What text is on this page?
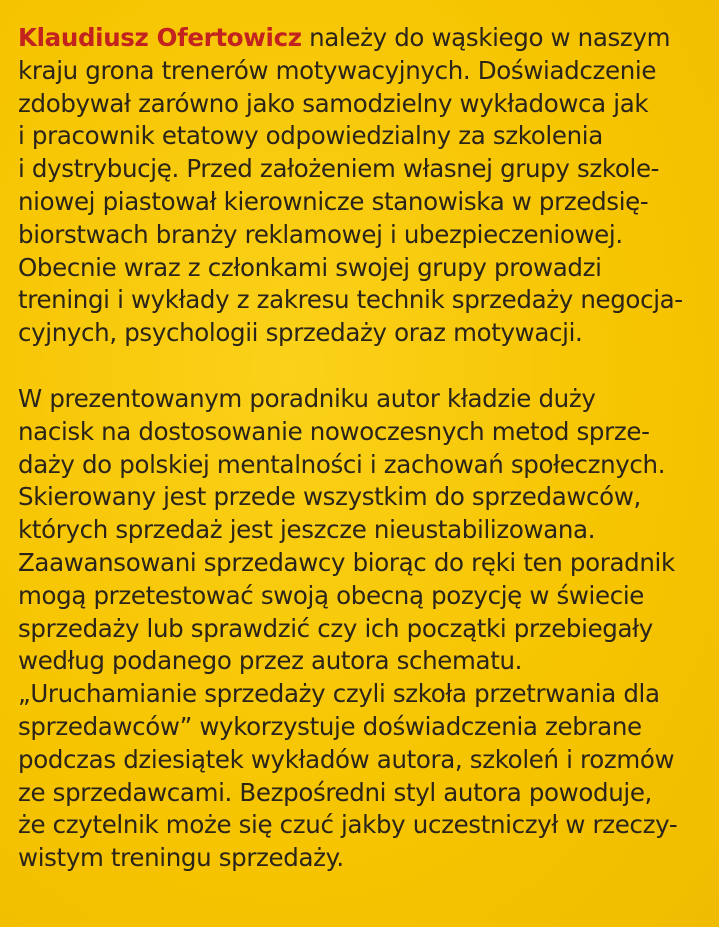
Klaudiusz Ofertowicz należy do wąskiego w naszym
kraju grona trenerów motywacyjnych. Doświadczenie
zdobywał zarówno jako samodzielny wykładowca jak
i pracownik etatowy odpowiedzialny za szkolenia
i dystrybucję. Przed założeniem własnej grupy szkole-
niowej piastował kierownicze stanowiska w przedsię-
biorstwach branży reklamowej i ubezpieczeniowej.
Obecnie wraz z członkami swojej grupy prowadzi
treningi i wykłady z zakresu technik sprzedaży negocja-
cyjnych, psychologii sprzedaży oraz motywacji.
W prezentowanym poradniku autor kładzie duży
nacisk na dostosowanie nowoczesnych metod sprze-
daży do polskiej mentalności i zachowań społecznych.
Skierowany jest przede wszystkim do sprzedawców,
których sprzedaż jest jeszcze nieustabilizowana.
Zaawansowani sprzedawcy biorąc do ręki ten poradnik
mogą przetestować swoją obecną pozycję w świecie
sprzedaży lub sprawdzić czy ich początki przebiegały
według podanego przez autora schematu.
„Uruchamianie sprzedaży czyli szkoła przetrwania dla
sprzedawców” wykorzystuje doświadczenia zebrane
podczas dziesiątek wykładów autora, szkoleń i rozmów
ze sprzedawcami. Bezpośredni styl autora powoduje,
że czytelnik może się czuć jakby uczestniczył w rzeczy-
wistym treningu sprzedaży.
